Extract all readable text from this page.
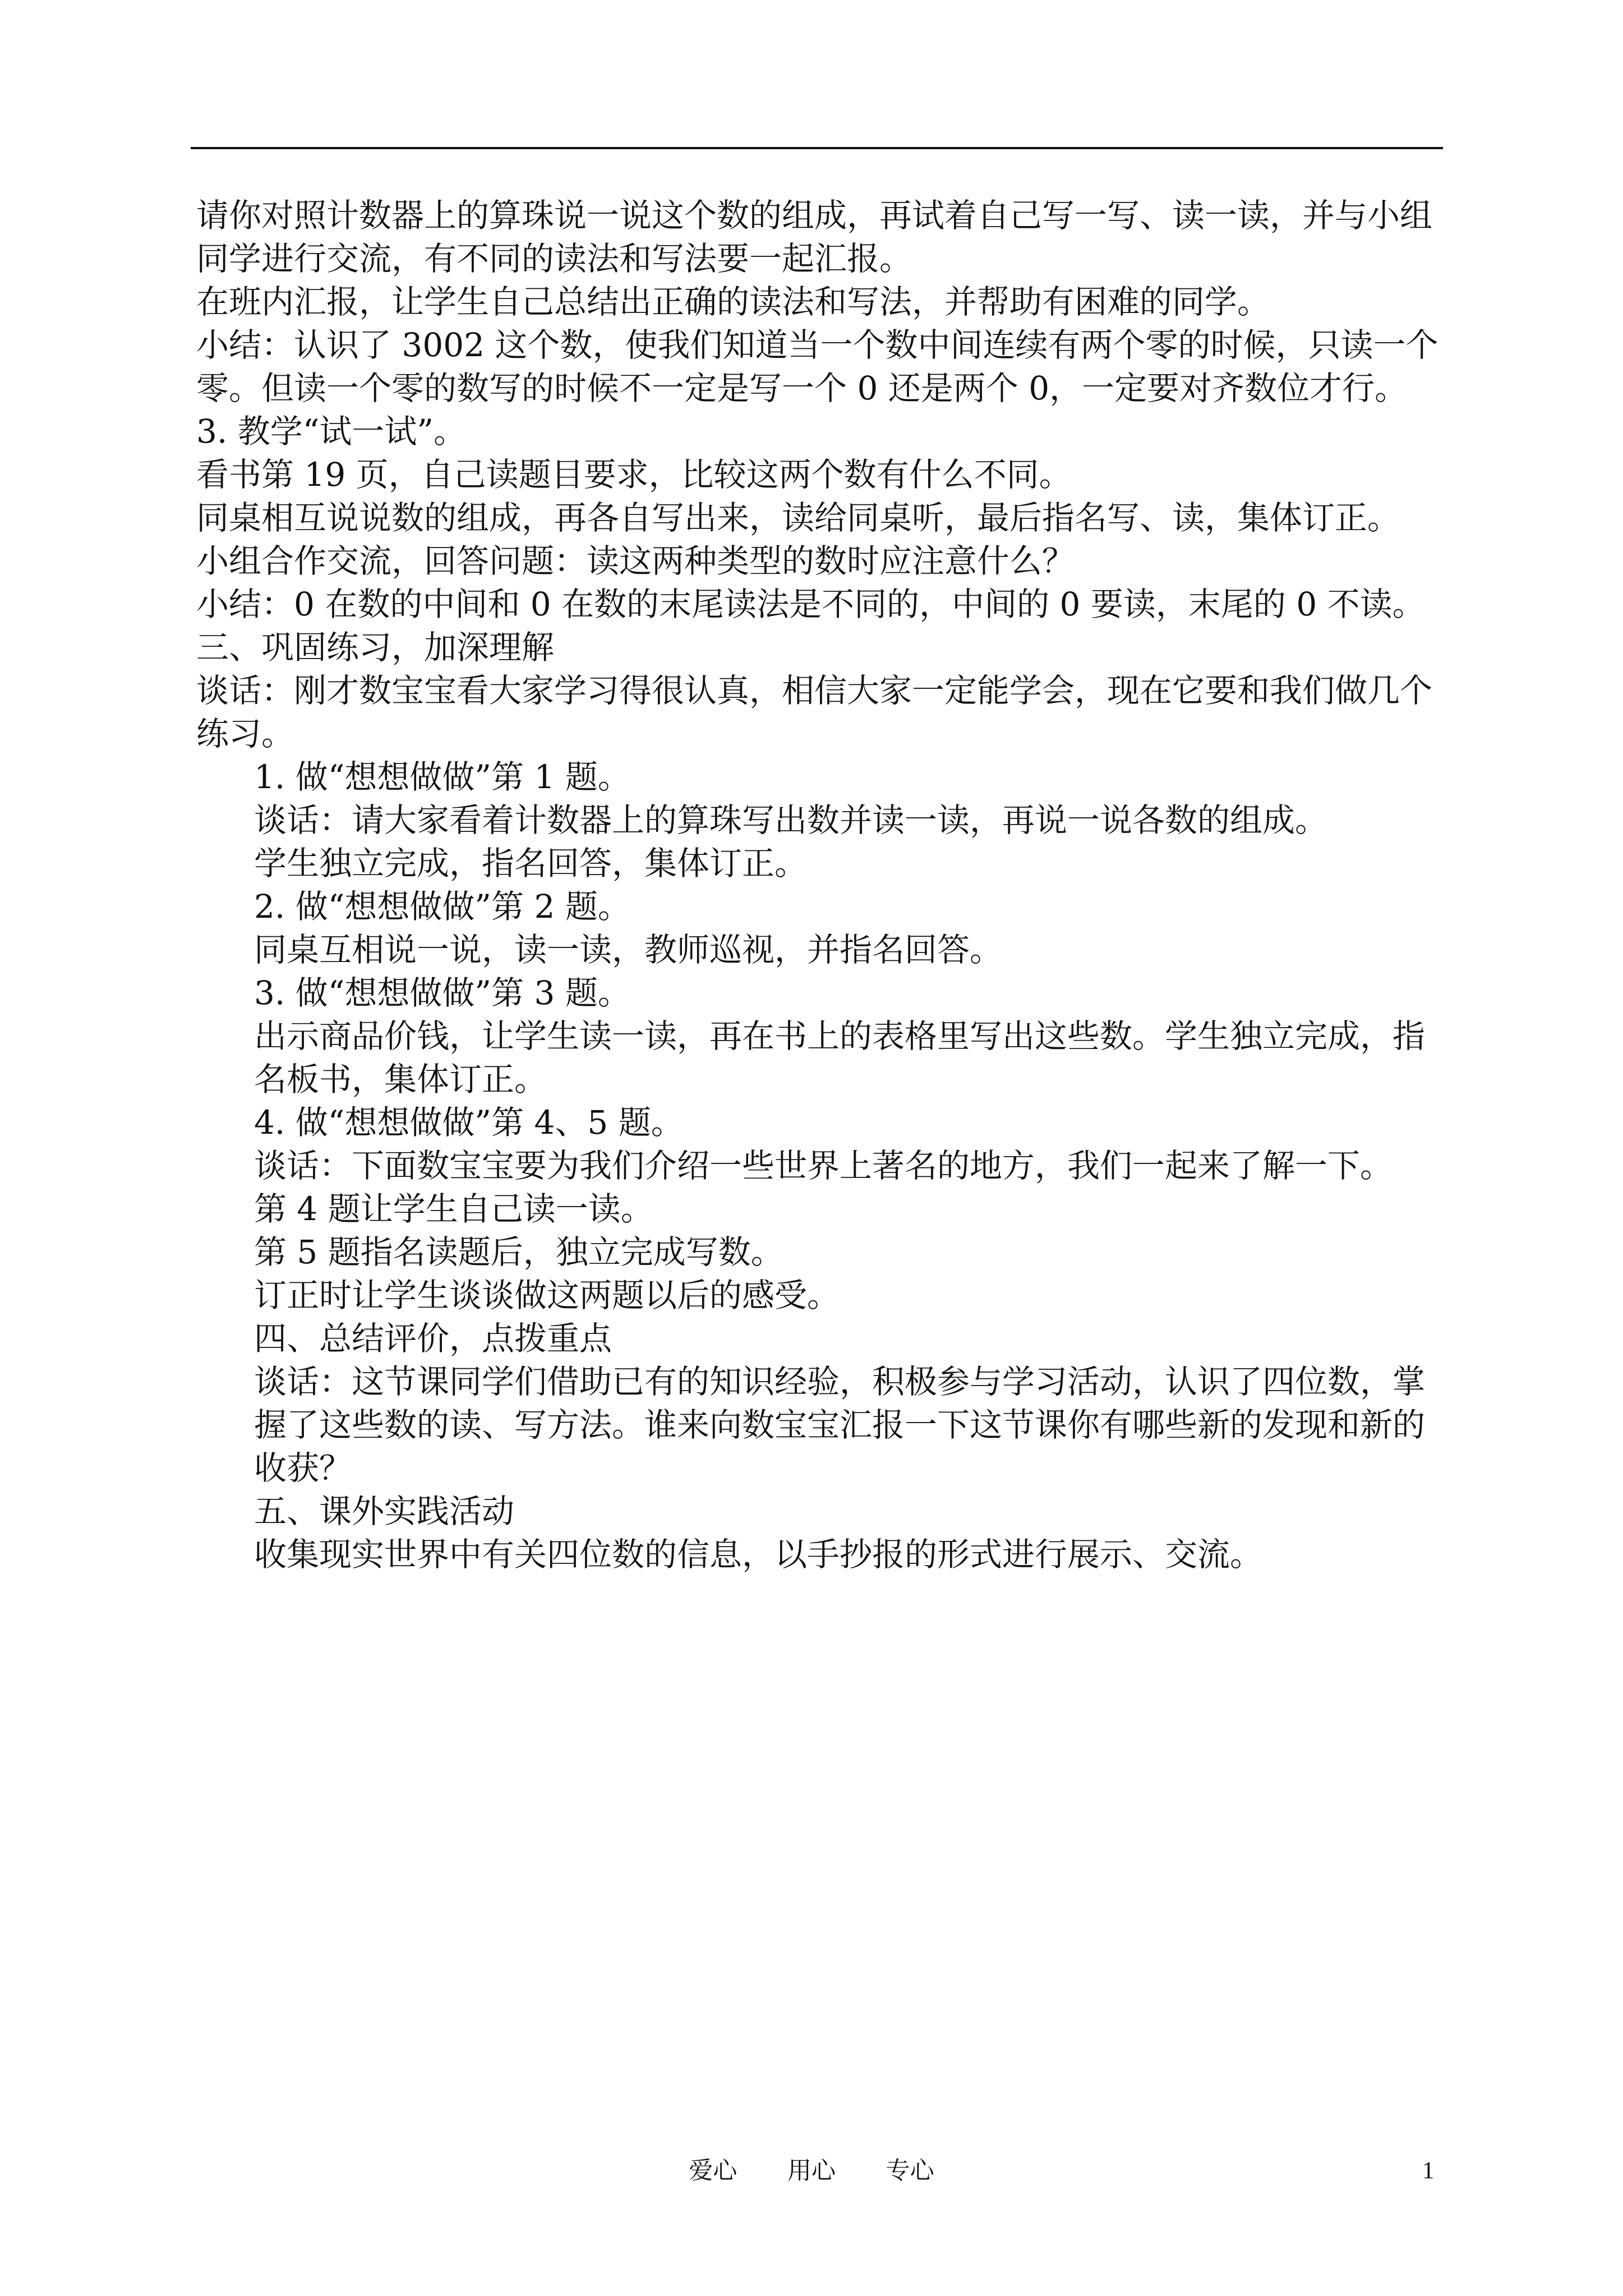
请你对照计数器上的算珠说一说这个数的组成，再试着自己写一写、读一读，并与小组

同学进行交流，有不同的读法和写法要一起汇报。

在班内汇报，让学生自己总结出正确的读法和写法，并帮助有困难的同学。

小结：认识了 3002 这个数，使我们知道当一个数中间连续有两个零的时候，只读一个

零。但读一个零的数写的时候不一定是写一个 0 还是两个 0，一定要对齐数位才行。

3. 教学“试一试”。

看书第 19 页，自己读题目要求，比较这两个数有什么不同。

同桌相互说说数的组成，再各自写出来，读给同桌听，最后指名写、读，集体订正。

小组合作交流，回答问题：读这两种类型的数时应注意什么？

小结：0 在数的中间和 0 在数的末尾读法是不同的，中间的 0 要读，末尾的 0 不读。

三、巩固练习，加深理解

谈话：刚才数宝宝看大家学习得很认真，相信大家一定能学会，现在它要和我们做几个

练习。

1. 做“想想做做”第 1 题。

谈话：请大家看着计数器上的算珠写出数并读一读，再说一说各数的组成。

学生独立完成，指名回答，集体订正。

2. 做“想想做做”第 2 题。

同桌互相说一说，读一读，教师巡视，并指名回答。

3. 做“想想做做”第 3 题。

出示商品价钱，让学生读一读，再在书上的表格里写出这些数。学生独立完成，指

名板书，集体订正。

4. 做“想想做做”第 4、5 题。

谈话：下面数宝宝要为我们介绍一些世界上著名的地方，我们一起来了解一下。

第 4 题让学生自己读一读。

第 5 题指名读题后，独立完成写数。

订正时让学生谈谈做这两题以后的感受。

四、总结评价，点拨重点

谈话：这节课同学们借助已有的知识经验，积极参与学习活动，认识了四位数，掌

握了这些数的读、写方法。谁来向数宝宝汇报一下这节课你有哪些新的发现和新的

收获？

五、课外实践活动

收集现实世界中有关四位数的信息，以手抄报的形式进行展示、交流。

爱心 用心 专心	1
